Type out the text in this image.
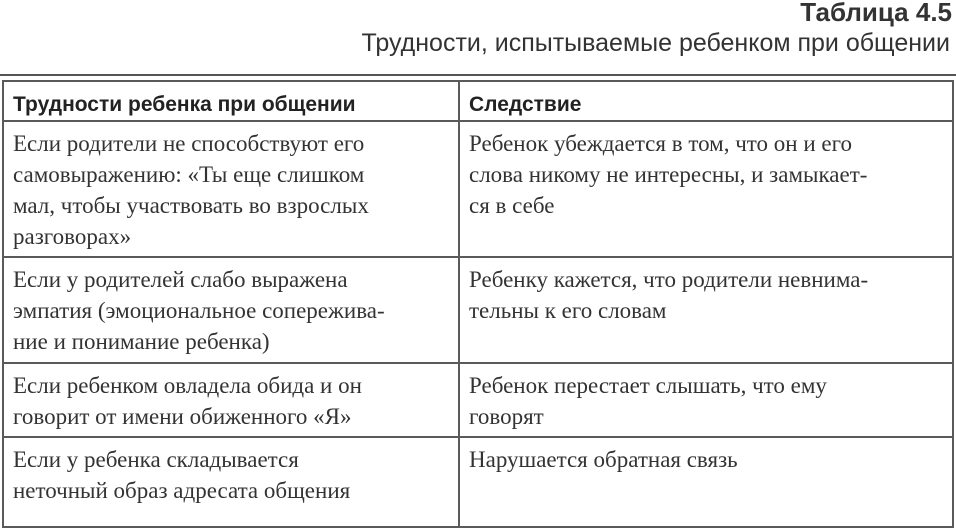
Таблица 4.5
Трудности, испытываемые ребенком при общении
Трудности ребенка при общении	Следствие

Если родители не способствуют его
самовыражению: «Ты еще слишком
мал, чтобы участвовать во взрослых
разговорах»	Ребенок убеждается в том, что он и его
слова никому не интересны, и замыкает-
ся в себе

Если у родителей слабо выражена
эмпатия (эмоциональное сопережива-
ние и понимание ребенка)	Ребенку кажется, что родители невнима-
тельны к его словам

Если ребенком овладела обида и он
говорит от имени обиженного «Я»	Ребенок перестает слышать, что ему
говорят

Если у ребенка складывается
неточный образ адресата общения	Нарушается обратная связь
